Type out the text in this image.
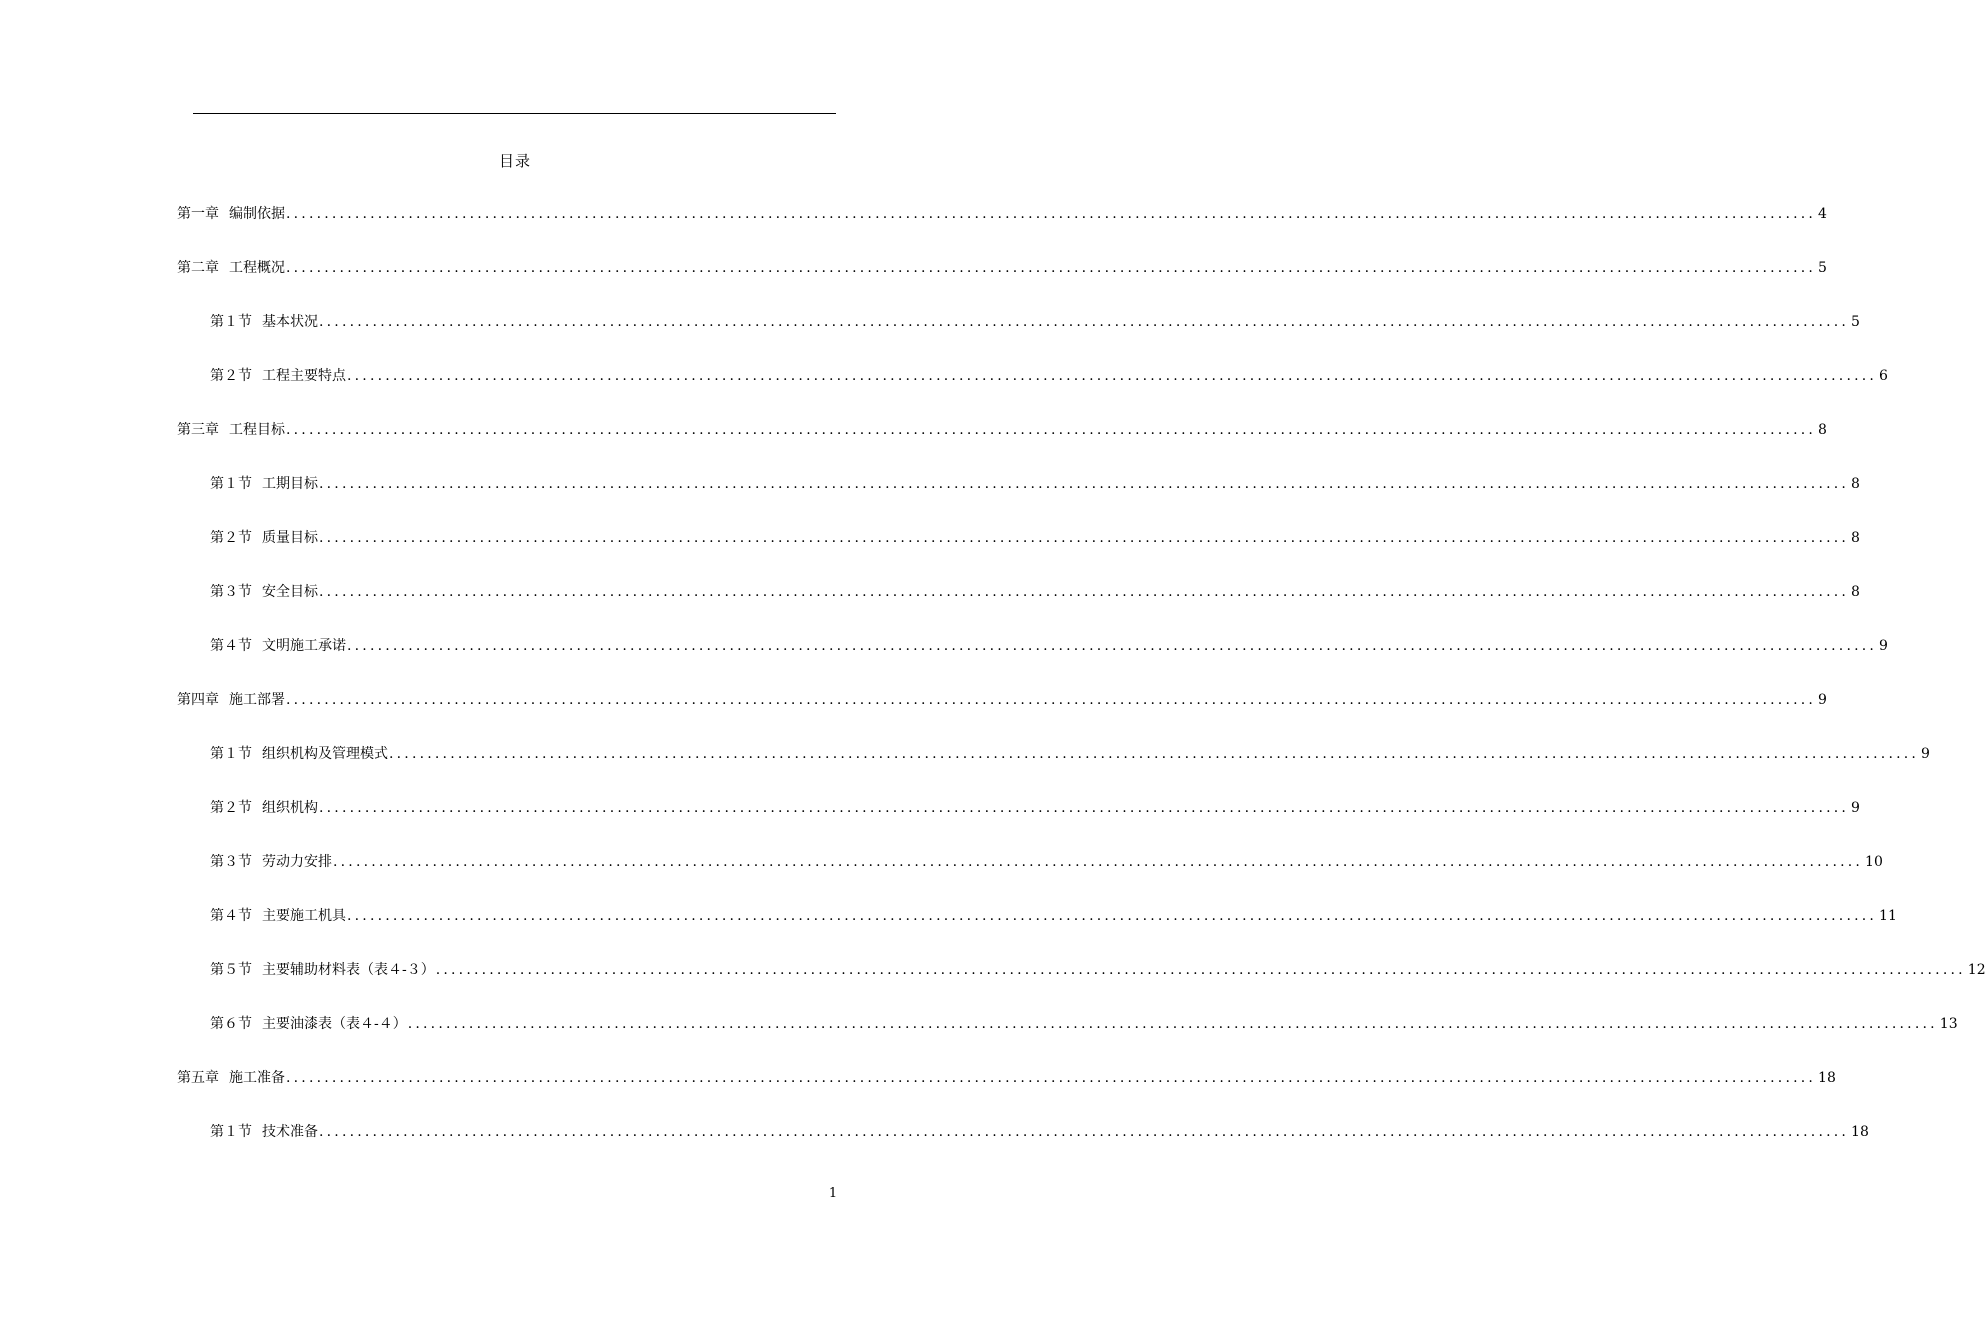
目录
第一章 编制依据 ........................................................................................................................................................................................................ 4
第二章 工程概况 ........................................................................................................................................................................................................ 5
第１节 基本状况 ........................................................................................................................................................................................................ 5
第２节 工程主要特点 ........................................................................................................................................................................................................ 6
第三章 工程目标 ........................................................................................................................................................................................................ 8
第１节 工期目标 ........................................................................................................................................................................................................ 8
第２节 质量目标 ........................................................................................................................................................................................................ 8
第３节 安全目标 ........................................................................................................................................................................................................ 8
第４节 文明施工承诺 ........................................................................................................................................................................................................ 9
第四章 施工部署 ........................................................................................................................................................................................................ 9
第１节 组织机构及管理模式 ........................................................................................................................................................................................................ 9
第２节 组织机构 ........................................................................................................................................................................................................ 9
第３节 劳动力安排 ........................................................................................................................................................................................................ 10
第４节 主要施工机具 ........................................................................................................................................................................................................ 11
第５节 主要辅助材料表（表４-３） ........................................................................................................................................................................................................ 12
第６节 主要油漆表（表４-４） ........................................................................................................................................................................................................ 13
第五章 施工准备 ........................................................................................................................................................................................................ 18
第１节 技术准备 ........................................................................................................................................................................................................ 18
1
